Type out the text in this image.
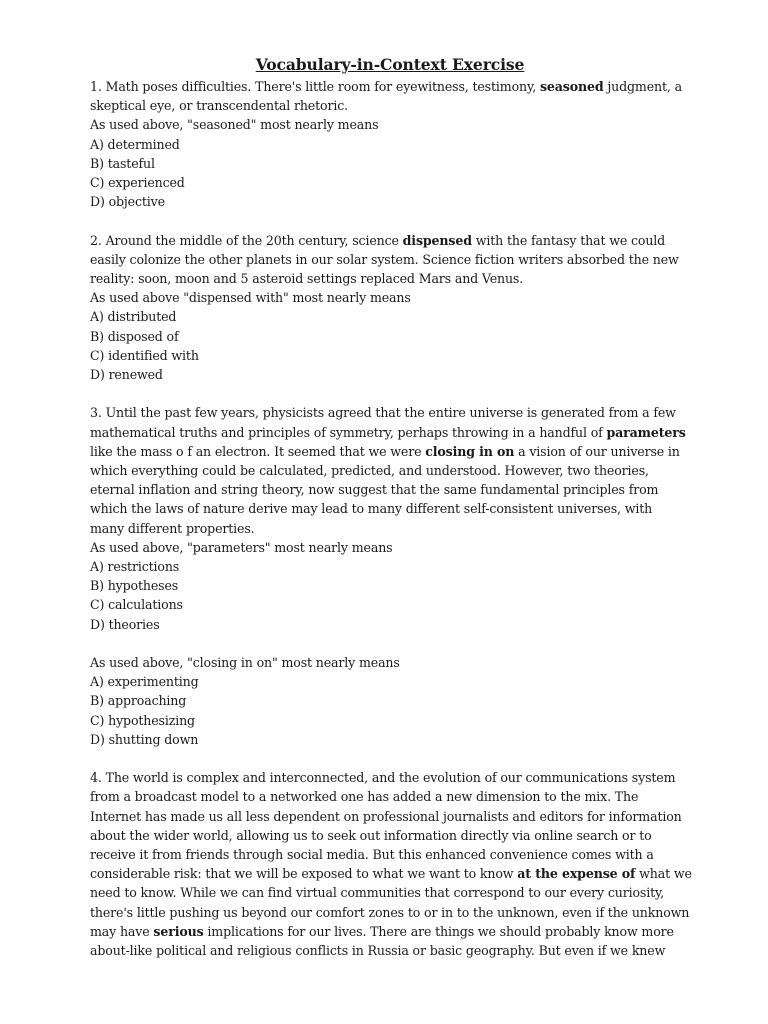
Vocabulary-in-Context Exercise
1. Math poses difficulties. There's little room for eyewitness, testimony, seasoned judgment, a
skeptical eye, or transcendental rhetoric.
As used above, "seasoned" most nearly means
A) determined
B) tasteful
C) experienced
D) objective
2. Around the middle of the 20th century, science dispensed with the fantasy that we could
easily colonize the other planets in our solar system. Science fiction writers absorbed the new
reality: soon, moon and 5 asteroid settings replaced Mars and Venus.
As used above "dispensed with" most nearly means
A) distributed
B) disposed of
C) identified with
D) renewed
3. Until the past few years, physicists agreed that the entire universe is generated from a few
mathematical truths and principles of symmetry, perhaps throwing in a handful of parameters
like the mass o f an electron. It seemed that we were closing in on a vision of our universe in
which everything could be calculated, predicted, and understood. However, two theories,
eternal inflation and string theory, now suggest that the same fundamental principles from
which the laws of nature derive may lead to many different self-consistent universes, with
many different properties.
As used above, "parameters" most nearly means
A) restrictions
B) hypotheses
C) calculations
D) theories
As used above, "closing in on" most nearly means
A) experimenting
B) approaching
C) hypothesizing
D) shutting down
4. The world is complex and interconnected, and the evolution of our communications system
from a broadcast model to a networked one has added a new dimension to the mix. The
Internet has made us all less dependent on professional journalists and editors for information
about the wider world, allowing us to seek out information directly via online search or to
receive it from friends through social media. But this enhanced convenience comes with a
considerable risk: that we will be exposed to what we want to know at the expense of what we
need to know. While we can find virtual communities that correspond to our every curiosity,
there's little pushing us beyond our comfort zones to or in to the unknown, even if the unknown
may have serious implications for our lives. There are things we should probably know more
about-like political and religious conflicts in Russia or basic geography. But even if we knew
